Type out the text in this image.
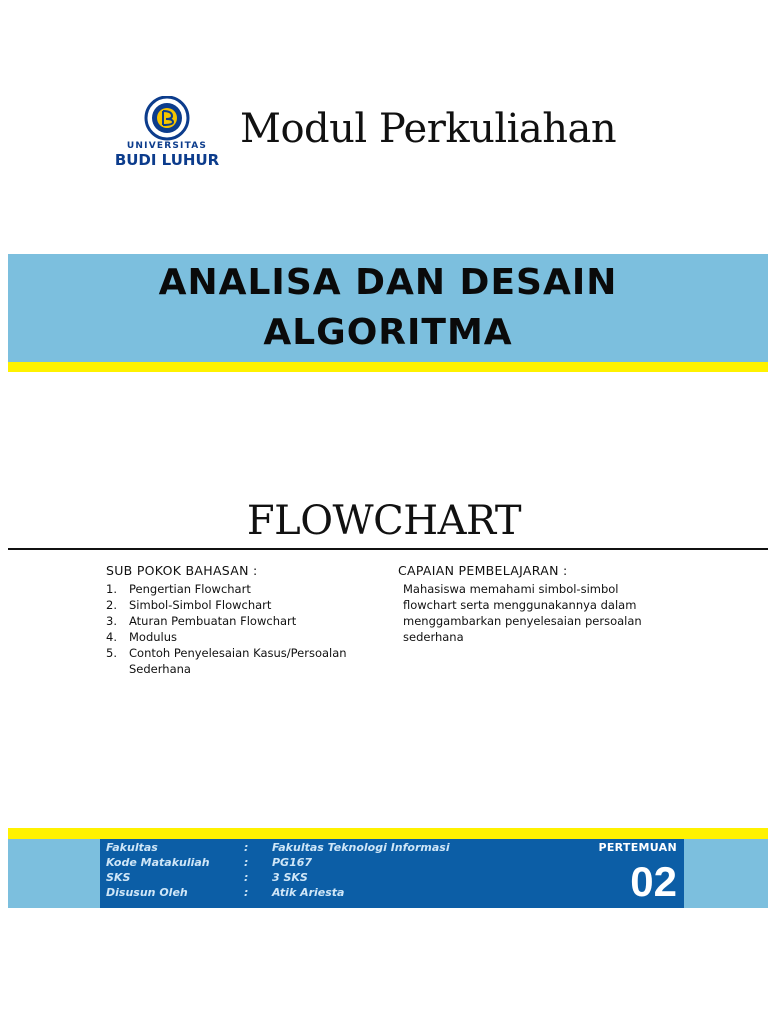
UNIVERSITAS
BUDI LUHUR
Modul Perkuliahan
ANALISA DAN DESAIN
ALGORITMA
FLOWCHART
SUB POKOK BAHASAN :
1.	Pengertian Flowchart
2.	Simbol-Simbol Flowchart
3.	Aturan Pembuatan Flowchart
4.	Modulus
5.	Contoh Penyelesaian Kasus/Persoalan Sederhana
CAPAIAN PEMBELAJARAN :
Mahasiswa memahami simbol-simbol flowchart serta menggunakannya dalam menggambarkan penyelesaian persoalan sederhana
Fakultas	:	Fakultas Teknologi Informasi
Kode Matakuliah	:	PG167
SKS	:	3 SKS
Disusun Oleh	:	Atik Ariesta
PERTEMUAN
02
